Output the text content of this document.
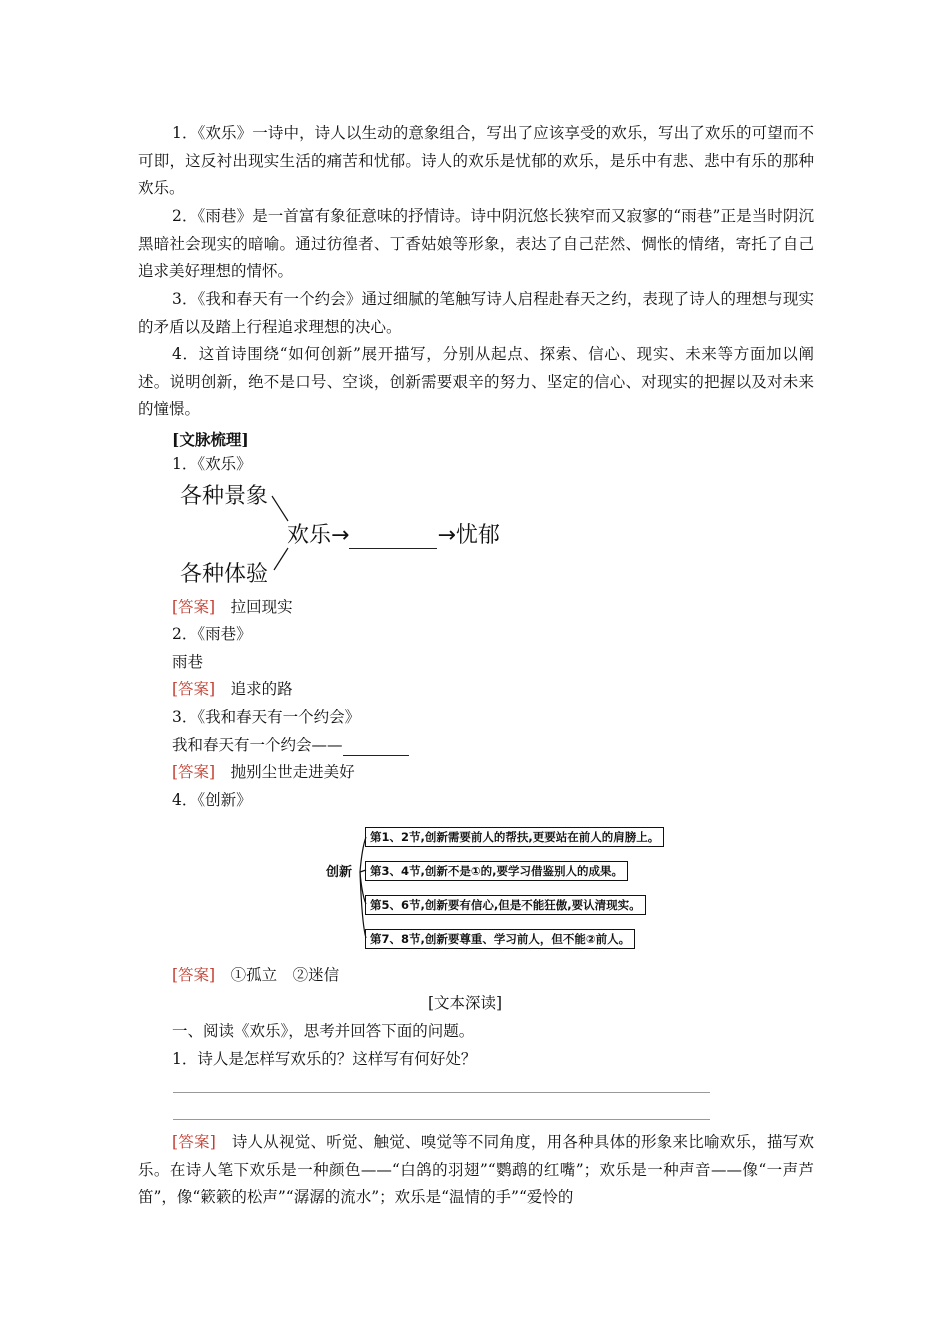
1．《欢乐》一诗中，诗人以生动的意象组合，写出了应该享受的欢乐，写出了欢乐的可望而不可即，这反衬出现实生活的痛苦和忧郁。诗人的欢乐是忧郁的欢乐，是乐中有悲、悲中有乐的那种欢乐。

2．《雨巷》是一首富有象征意味的抒情诗。诗中阴沉悠长狭窄而又寂寥的“雨巷”正是当时阴沉黑暗社会现实的暗喻。通过彷徨者、丁香姑娘等形象，表达了自己茫然、惆怅的情绪，寄托了自己追求美好理想的情怀。

3．《我和春天有一个约会》通过细腻的笔触写诗人启程赴春天之约，表现了诗人的理想与现实的矛盾以及踏上行程追求理想的决心。

4．这首诗围绕“如何创新”展开描写，分别从起点、探索、信心、现实、未来等方面加以阐述。说明创新，绝不是口号、空谈，创新需要艰辛的努力、坚定的信心、对现实的把握以及对未来的憧憬。

[文脉梳理]
1．《欢乐》
各种景象
欢乐→	→忧郁
各种体验
[答案]　 拉回现实
2．《雨巷》
雨巷
[答案]　 追求的路
3．《我和春天有一个约会》
我和春天有一个约会——
[答案]　 抛别尘世走进美好
4．《创新》
创新
第1、2节,创新需要前人的帮扶,更要站在前人的肩膀上。
第3、4节,创新不是①的,要学习借鉴别人的成果。
第5、6节,创新要有信心,但是不能狂傲,要认清现实。
第7、8节,创新要尊重、学习前人，但不能②前人。
[答案]　 ①孤立　②迷信
[文本深读]
一、阅读《欢乐》，思考并回答下面的问题。
1．诗人是怎样写欢乐的？这样写有何好处？

[答案]　 诗人从视觉、听觉、触觉、嗅觉等不同角度，用各种具体的形象来比喻欢乐，描写欢乐。在诗人笔下欢乐是一种颜色——“白鸽的羽翅”“鹦鹉的红嘴”；欢乐是一种声音——像“一声芦笛”，像“簌簌的松声”“潺潺的流水”；欢乐是“温情的手”“爱怜的
